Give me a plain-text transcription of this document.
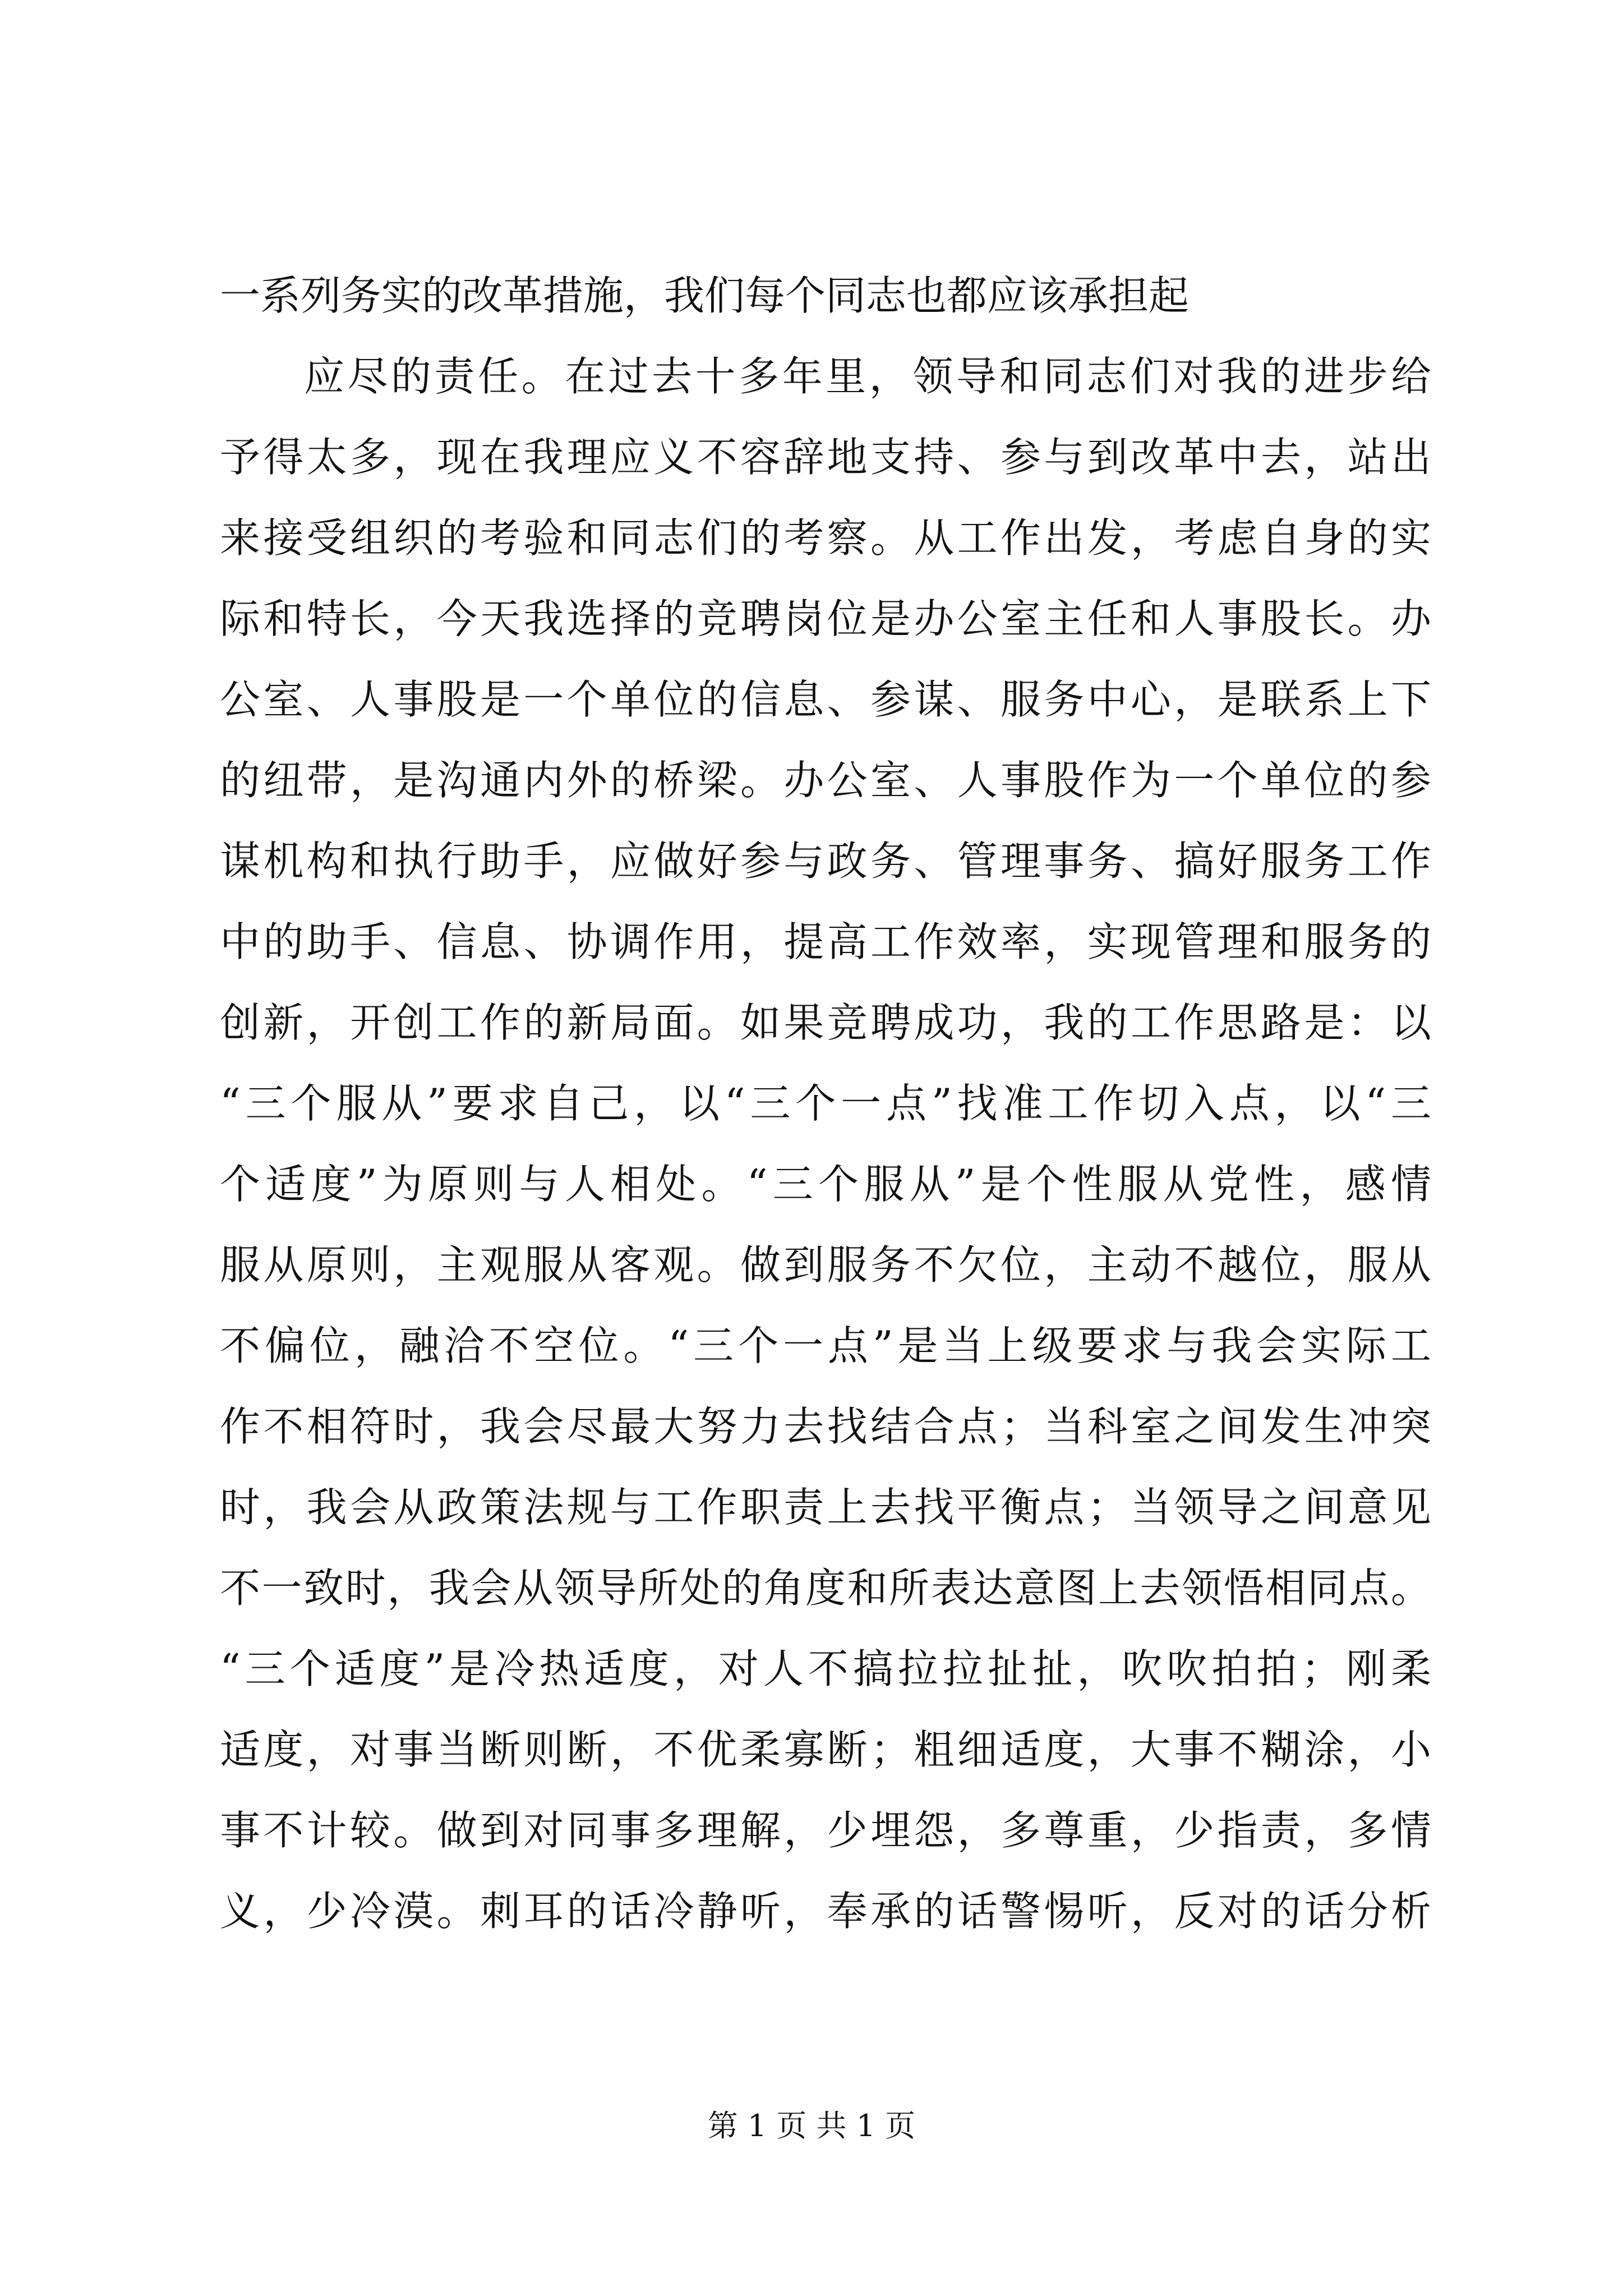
一系列务实的改革措施，我们每个同志也都应该承担起
应尽的责任。在过去十多年里，领导和同志们对我的进步给
予得太多，现在我理应义不容辞地支持、参与到改革中去，站出
来接受组织的考验和同志们的考察。从工作出发，考虑自身的实
际和特长，今天我选择的竞聘岗位是办公室主任和人事股长。办
公室、人事股是一个单位的信息、参谋、服务中心，是联系上下
的纽带，是沟通内外的桥梁。办公室、人事股作为一个单位的参
谋机构和执行助手，应做好参与政务、管理事务、搞好服务工作
中的助手、信息、协调作用，提高工作效率，实现管理和服务的
创新，开创工作的新局面。如果竞聘成功，我的工作思路是：以
“三个服从”要求自己，以“三个一点”找准工作切入点，以“三
个适度”为原则与人相处。“三个服从”是个性服从党性，感情
服从原则，主观服从客观。做到服务不欠位，主动不越位，服从
不偏位，融洽不空位。“三个一点”是当上级要求与我会实际工
作不相符时，我会尽最大努力去找结合点；当科室之间发生冲突
时，我会从政策法规与工作职责上去找平衡点；当领导之间意见
不一致时，我会从领导所处的角度和所表达意图上去领悟相同点。
“三个适度”是冷热适度，对人不搞拉拉扯扯，吹吹拍拍；刚柔
适度，对事当断则断，不优柔寡断；粗细适度，大事不糊涂，小
事不计较。做到对同事多理解，少埋怨，多尊重，少指责，多情
义，少冷漠。刺耳的话冷静听，奉承的话警惕听，反对的话分析
第 1 页 共 1 页
